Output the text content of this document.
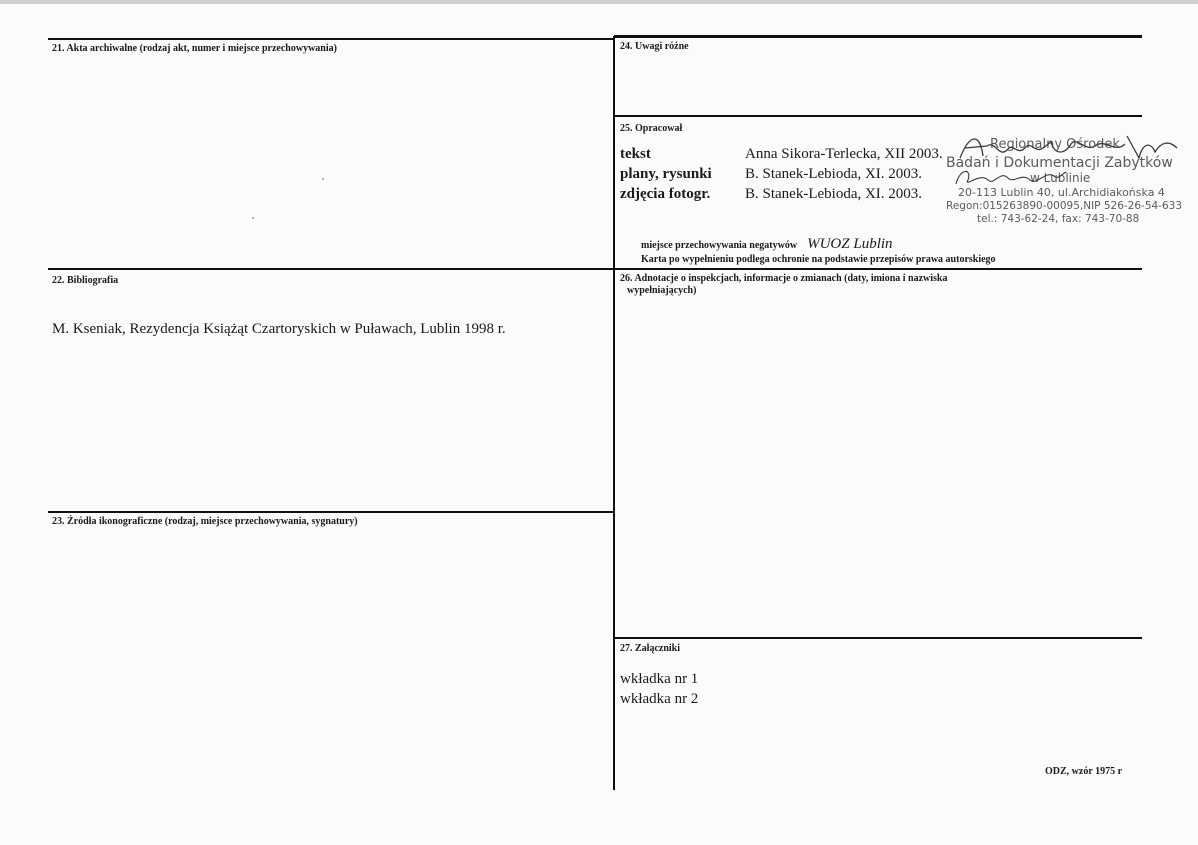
21. Akta archiwalne (rodzaj akt, numer i miejsce przechowywania)
22. Bibliografia
M. Kseniak, Rezydencja Książąt Czartoryskich w Puławach, Lublin 1998 r.
23. Źródła ikonograficzne (rodzaj, miejsce przechowywania, sygnatury)
24. Uwagi różne
25. Opracował
tekst	Anna Sikora-Terlecka, XII 2003.
plany, rysunki B. Stanek-Lebioda, XI. 2003.
zdjęcia fotogr. B. Stanek-Lebioda, XI. 2003.
Regionalny Ośrodek
Badań i Dokumentacji Zabytków
w Lublinie
20-113 Lublin 40, ul.Archidiakońska 4
Regon:015263890-00095,NIP 526-26-54-633
tel.: 743-62-24, fax: 743-70-88
miejsce przechowywania negatywów WUOZ Lublin
Karta po wypełnieniu podlega ochronie na podstawie przepisów prawa autorskiego
26. Adnotacje o inspekcjach, informacje o zmianach (daty, imiona i nazwiska
wypełniających)
27. Załączniki
wkładka nr 1
wkładka nr 2
ODZ, wzór 1975 r
